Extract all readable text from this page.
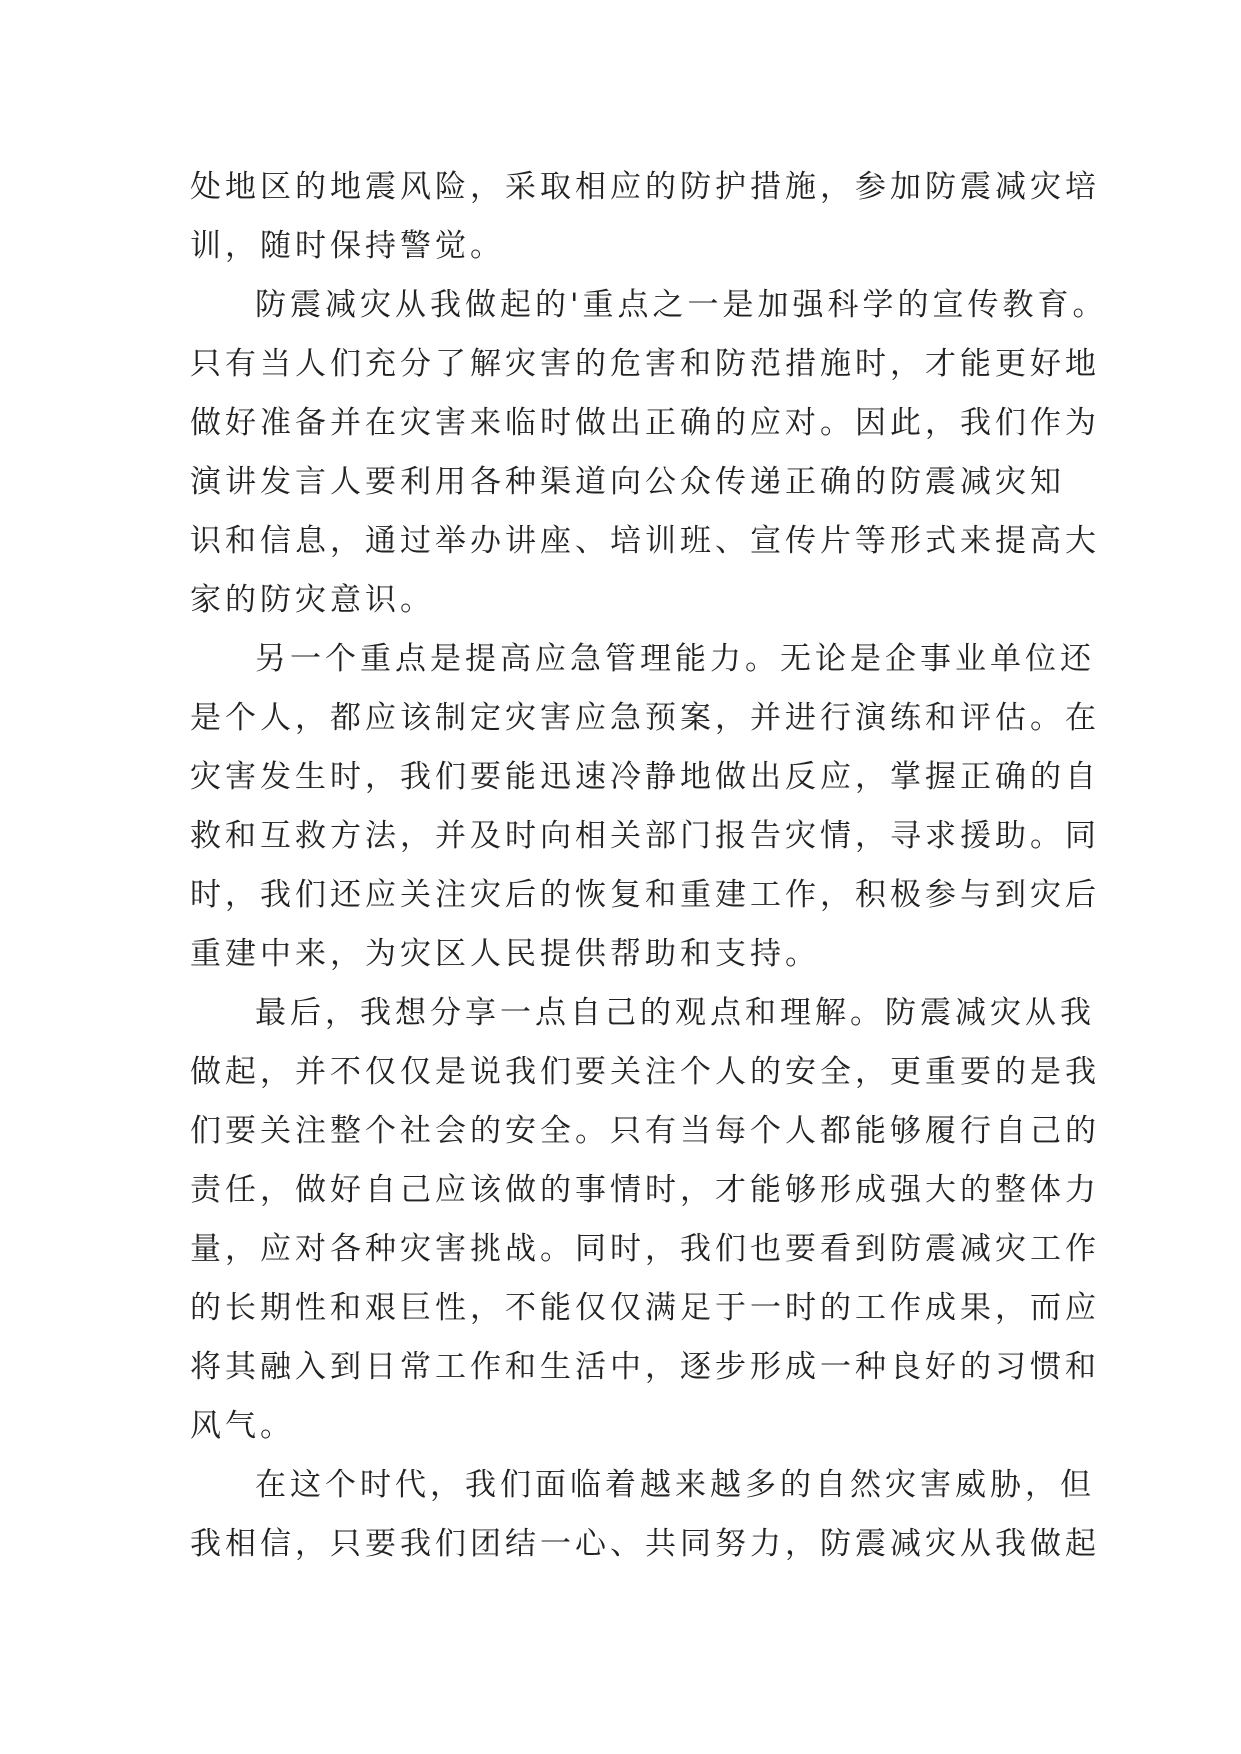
处地区的地震风险，采取相应的防护措施，参加防震减灾培
训，随时保持警觉。
防震减灾从我做起的'重点之一是加强科学的宣传教育。
只有当人们充分了解灾害的危害和防范措施时，才能更好地
做好准备并在灾害来临时做出正确的应对。因此，我们作为
演讲发言人要利用各种渠道向公众传递正确的防震减灾知
识和信息，通过举办讲座、培训班、宣传片等形式来提高大
家的防灾意识。
另一个重点是提高应急管理能力。无论是企事业单位还
是个人，都应该制定灾害应急预案，并进行演练和评估。在
灾害发生时，我们要能迅速冷静地做出反应，掌握正确的自
救和互救方法，并及时向相关部门报告灾情，寻求援助。同
时，我们还应关注灾后的恢复和重建工作，积极参与到灾后
重建中来，为灾区人民提供帮助和支持。
最后，我想分享一点自己的观点和理解。防震减灾从我
做起，并不仅仅是说我们要关注个人的安全，更重要的是我
们要关注整个社会的安全。只有当每个人都能够履行自己的
责任，做好自己应该做的事情时，才能够形成强大的整体力
量，应对各种灾害挑战。同时，我们也要看到防震减灾工作
的长期性和艰巨性，不能仅仅满足于一时的工作成果，而应
将其融入到日常工作和生活中，逐步形成一种良好的习惯和
风气。
在这个时代，我们面临着越来越多的自然灾害威胁，但
我相信，只要我们团结一心、共同努力，防震减灾从我做起
